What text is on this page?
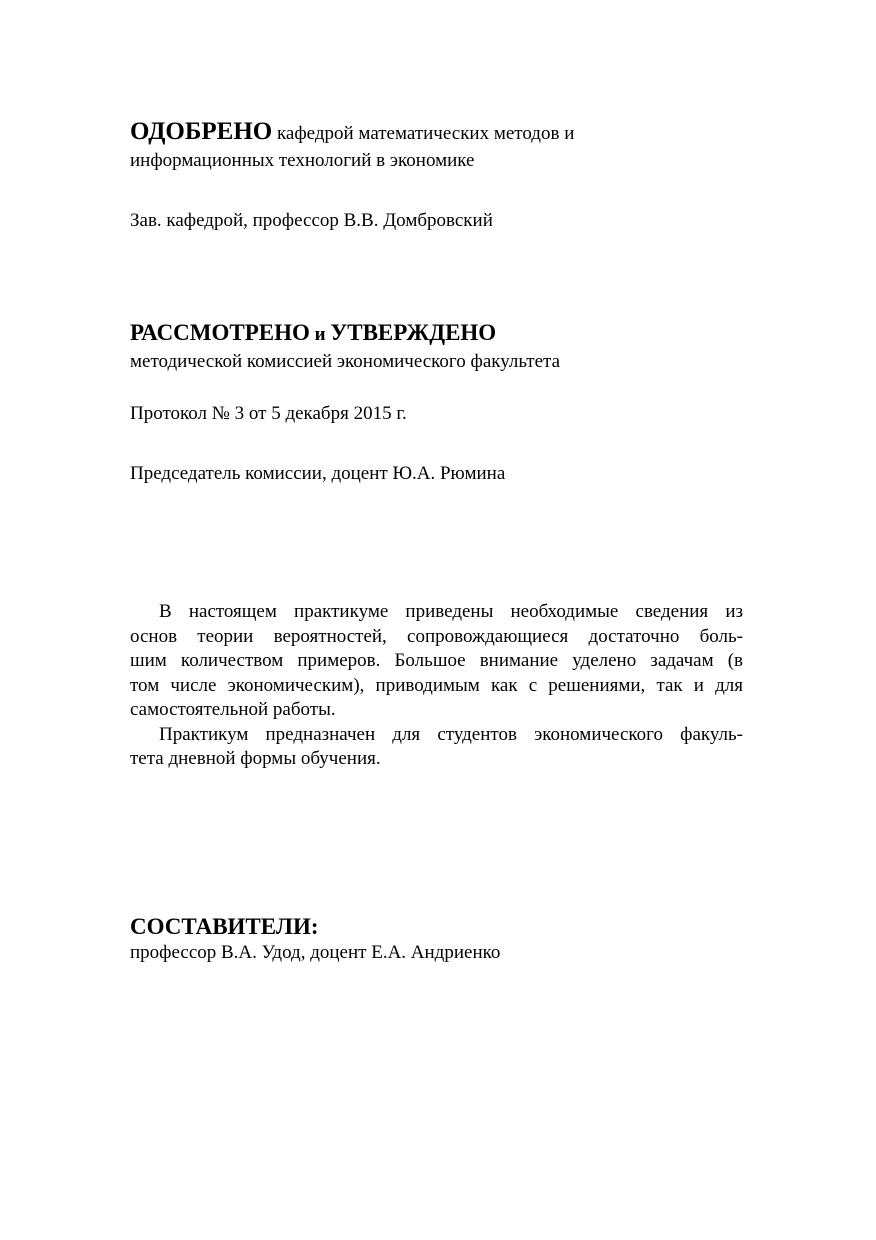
ОДОБРЕНО кафедрой математических методов и
информационных технологий в экономике
Зав. кафедрой, профессор В.В. Домбровский
РАССМОТРЕНО и УТВЕРЖДЕНО
методической комиссией экономического факультета
Протокол № 3 от 5 декабря 2015 г.
Председатель комиссии, доцент Ю.А. Рюмина
В настоящем практикуме приведены необходимые сведения из
основ теории вероятностей, сопровождающиеся достаточно боль-
шим количеством примеров. Большое внимание уделено задачам (в
том числе экономическим), приводимым как с решениями, так и для
самостоятельной работы.
Практикум предназначен для студентов экономического факуль-
тета дневной формы обучения.
СОСТАВИТЕЛИ:
профессор В.А. Удод, доцент Е.А. Андриенко
